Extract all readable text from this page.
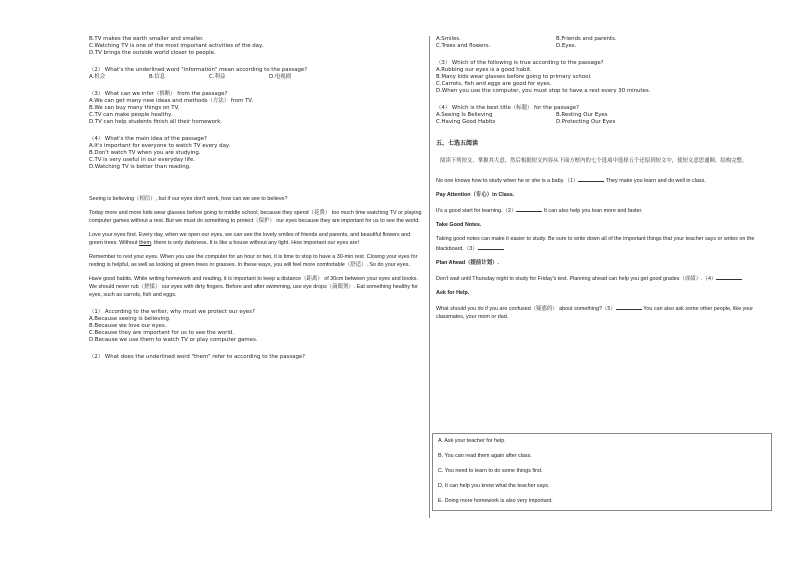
B.TV makes the earth smaller and smaller.
C.Watching TV is one of the most important activities of the day.
D.TV brings the outside world closer to people.
（2） What's the underlined word "information" mean according to the passage?
A.机会	B.信息	C.利益	D.电视剧
（3） What can we infer（推断） from the passage?
A.We can get many new ideas and methods（方法） from TV.
B.We can buy many things on TV.
C.TV can make people healthy.
D.TV can help students finish all their homework.
（4） What's the main idea of the passage?
A.It's important for everyone to watch TV every day.
B.Don't watch TV when you are studying.
C.TV is very useful in our everyday life.
D.Watching TV is better than reading.
Seeing is believing（相信）, but if our eyes don't work, how can we see to believe?
Today more and more kids wear glasses before going to middle school, because they spend（花费） too much time watching TV or playing computer games without a rest. But we must do something to protect（保护） our eyes because they are important for us to see the world.
Love your eyes first. Every day, when we open our eyes, we can see the lovely smiles of friends and parents, and beautiful flowers and green trees. Without them, there is only darkness. It is like a house without any light. How important our eyes are!
Remember to rest your eyes. When you use the computer for an hour or two, it is time to stop to have a 30-min rest. Closing your eyes for resting is helpful, as well as looking at green trees or grasses. In these ways, you will feel more comfortable（舒适）. So do your eyes.
Have good habits. While writing homework and reading, it is important to keep a distance（距离） of 30cm between your eyes and books. We should never rub（搓揉） our eyes with dirty fingers. Before and after swimming, use eye drops（滴眼剂）. Eat something healthy for eyes, such as carrots, fish and eggs.
（1） According to the writer, why must we protect our eyes?
A.Because seeing is believing.
B.Because we love our eyes.
C.Because they are important for us to see the world.
D.Because we use them to watch TV or play computer games.
（2） What does the underlined word "them" refer to according to the passage?
A.Smiles.	B.Friends and parents.
C.Trees and flowers.	D.Eyes.
（3） Which of the following is true according to the passage?
A.Rubbing our eyes is a good habit.
B.Many kids wear glasses before going to primary school.
C.Carrots, fish and eggs are good for eyes.
D.When you use the computer, you must stop to have a rest every 30 minutes.
（4） Which is the best title（标题） for the passage?
A.Seeing Is Believing	B.Resting Our Eyes
C.Having Good Habits	D.Protecting Our Eyes
五、七选五阅读
阅读下列短文，掌握其大意，然后根据短文内容从下面方框内的七个选项中选择五个还原到短文中，使短文意思通顺、结构完整。
No one knows how to study when he or she is a baby.（1）	They make you learn and do well in class.
Pay Attention（专心）in Class.
It's a good start for learning.（2）	It can also help you lean more and faster.
Take Good Notes.
Taking good notes can make it easier to study. Be sure to write down all of the important things that your teacher says or writes on the blackboard.（3）
Plan Ahead（提前计划）.
Don't wait until Thursday night to study for Friday's test. Planning ahead can help you get good grades（成绩）.（4）
Ask for Help.
What should you do if you are confused（疑惑的） about something?（5）	You can also ask some other people, like your classmates, your mom or dad.
A. Ask your teacher for help.
B. You can read them again after class.
C. You need to learn to do some things first.
D. It can help you know what the teacher says.
E. Doing more homework is also very important.
